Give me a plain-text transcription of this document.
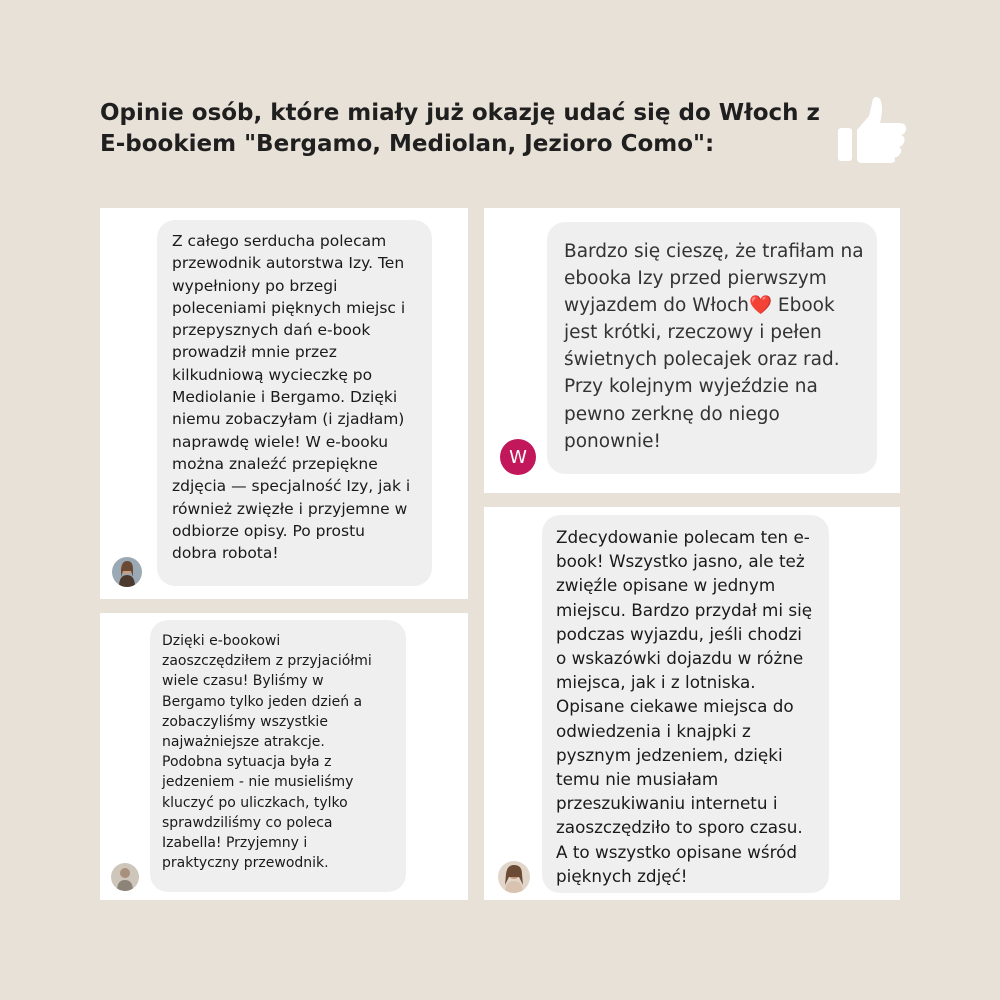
Opinie osób, które miały już okazję udać się do Włoch z E-bookiem "Bergamo, Mediolan, Jezioro Como":

Z całego serducha polecam
przewodnik autorstwa Izy. Ten
wypełniony po brzegi
poleceniami pięknych miejsc i
przepysznych dań e-book
prowadził mnie przez
kilkudniową wycieczkę po
Mediolanie i Bergamo. Dzięki
niemu zobaczyłam (i zjadłam)
naprawdę wiele! W e-booku
można znaleźć przepiękne
zdjęcia — specjalność Izy, jak i
również zwięzłe i przyjemne w
odbiorze opisy. Po prostu
dobra robota!

W

Bardzo się cieszę, że trafiłam na
ebooka Izy przed pierwszym
wyjazdem do Włoch❤️ Ebook
jest krótki, rzeczowy i pełen
świetnych polecajek oraz rad.
Przy kolejnym wyjeździe na
pewno zerknę do niego
ponownie!

Dzięki e-bookowi
zaoszczędziłem z przyjaciółmi
wiele czasu! Byliśmy w
Bergamo tylko jeden dzień a
zobaczyliśmy wszystkie
najważniejsze atrakcje.
Podobna sytuacja była z
jedzeniem - nie musieliśmy
kluczyć po uliczkach, tylko
sprawdziliśmy co poleca
Izabella! Przyjemny i
praktyczny przewodnik.

Zdecydowanie polecam ten e-
book! Wszystko jasno, ale też
zwięźle opisane w jednym
miejscu. Bardzo przydał mi się
podczas wyjazdu, jeśli chodzi
o wskazówki dojazdu w różne
miejsca, jak i z lotniska.
Opisane ciekawe miejsca do
odwiedzenia i knajpki z
pysznym jedzeniem, dzięki
temu nie musiałam
przeszukiwaniu internetu i
zaoszczędziło to sporo czasu.
A to wszystko opisane wśród
pięknych zdjęć!
